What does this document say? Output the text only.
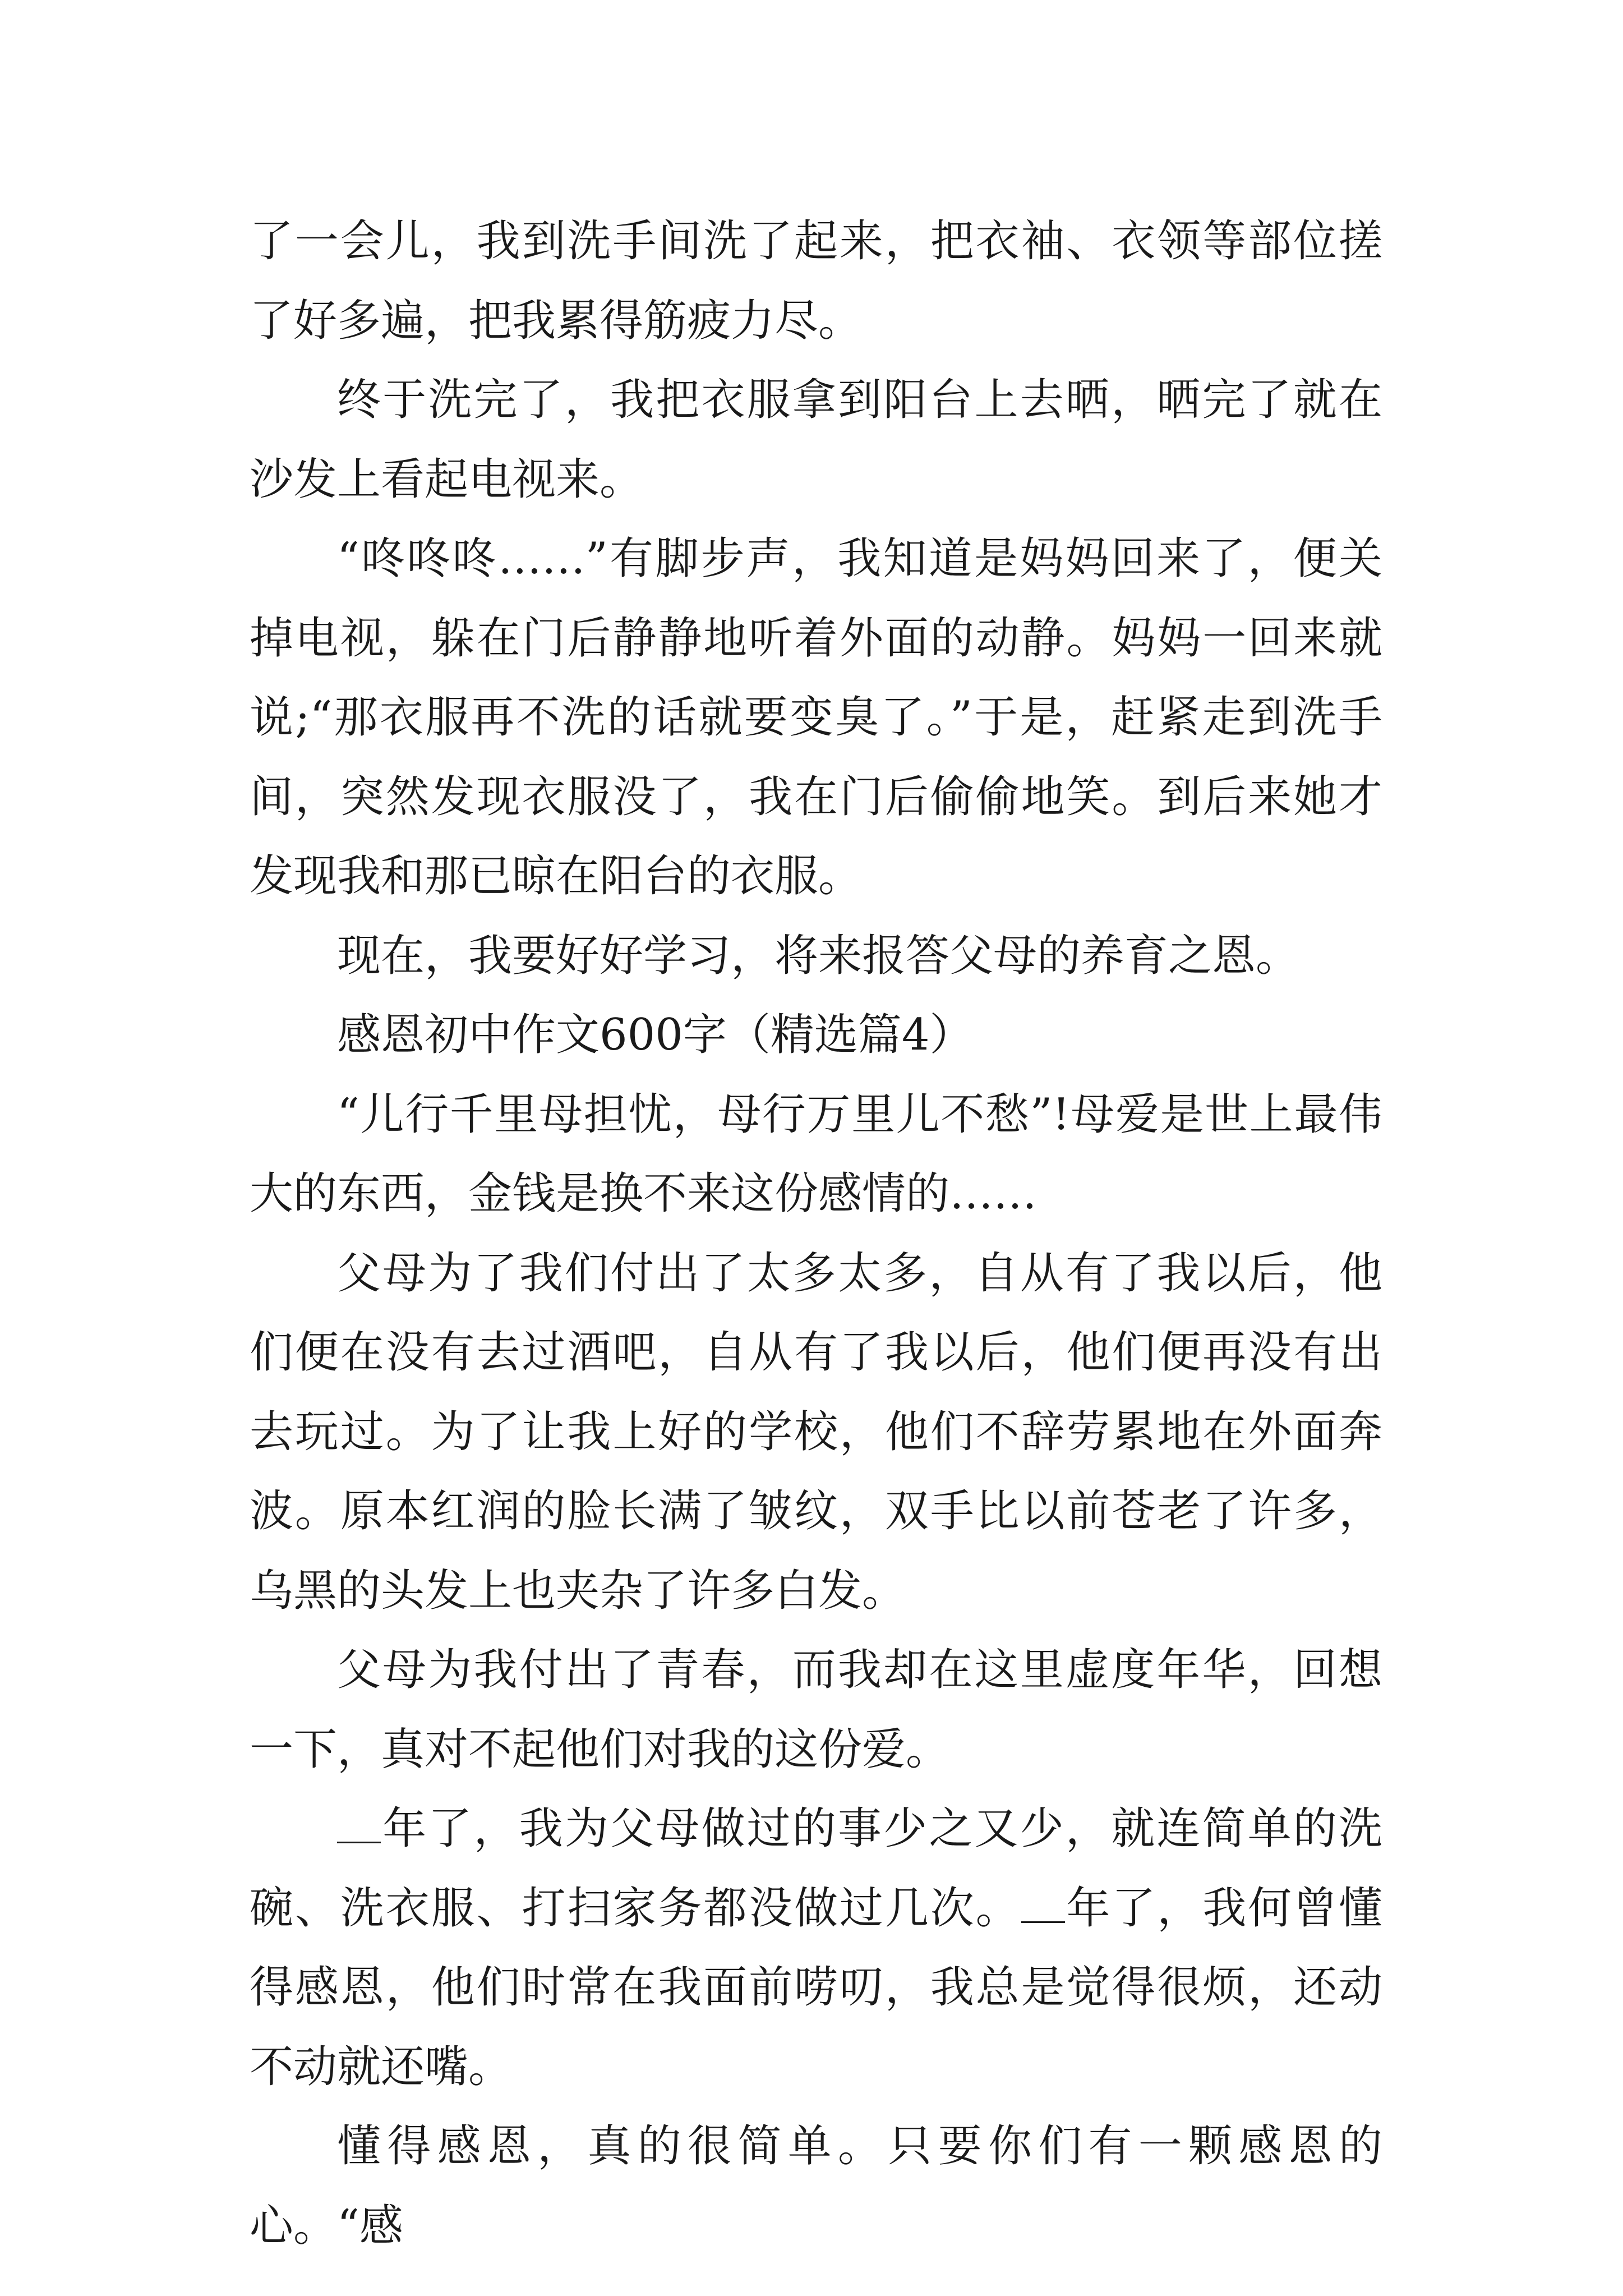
了一会儿，我到洗手间洗了起来，把衣袖、衣领等部位搓了好多遍，把我累得筋疲力尽。

终于洗完了，我把衣服拿到阳台上去晒，晒完了就在沙发上看起电视来。

“咚咚咚……”有脚步声，我知道是妈妈回来了，便关掉电视，躲在门后静静地听着外面的动静。妈妈一回来就说;“那衣服再不洗的话就要变臭了。”于是，赶紧走到洗手间，突然发现衣服没了，我在门后偷偷地笑。到后来她才发现我和那已晾在阳台的衣服。

现在，我要好好学习，将来报答父母的养育之恩。

感恩初中作文600字（精选篇4）

“儿行千里母担忧，母行万里儿不愁”!母爱是世上最伟大的东西，金钱是换不来这份感情的……

父母为了我们付出了太多太多，自从有了我以后，他们便在没有去过酒吧，自从有了我以后，他们便再没有出去玩过。为了让我上好的学校，他们不辞劳累地在外面奔波。原本红润的脸长满了皱纹，双手比以前苍老了许多，乌黑的头发上也夹杂了许多白发。

父母为我付出了青春，而我却在这里虚度年华，回想一下，真对不起他们对我的这份爱。

年了，我为父母做过的事少之又少，就连简单的洗碗、洗衣服、打扫家务都没做过几次。 年了，我何曾懂得感恩，他们时常在我面前唠叨，我总是觉得很烦，还动不动就还嘴。

懂得感恩，真的很简单。只要你们有一颗感恩的心。“感
